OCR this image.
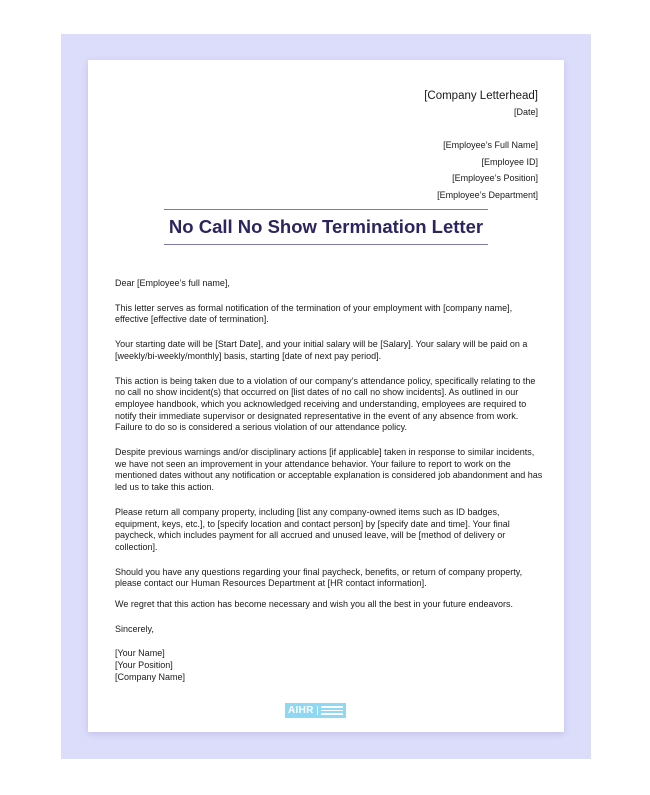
[Company Letterhead]
[Date]
[Employee’s Full Name]
[Employee ID]
[Employee’s Position]
[Employee’s Department]
No Call No Show Termination Letter

Dear [Employee’s full name],

This letter serves as formal notification of the termination of your employment with [company name], effective [effective date of termination].

Your starting date will be [Start Date], and your initial salary will be [Salary]. Your salary will be paid on a [weekly/bi-weekly/monthly] basis, starting [date of next pay period].

This action is being taken due to a violation of our company’s attendance policy, specifically relating to the no call no show incident(s) that occurred on [list dates of no call no show incidents]. As outlined in our employee handbook, which you acknowledged receiving and understanding, employees are required to notify their immediate supervisor or designated representative in the event of any absence from work. Failure to do so is considered a serious violation of our attendance policy.

Despite previous warnings and/or disciplinary actions [if applicable] taken in response to similar incidents, we have not seen an improvement in your attendance behavior. Your failure to report to work on the mentioned dates without any notification or acceptable explanation is considered job abandonment and has led us to take this action.

Please return all company property, including [list any company-owned items such as ID badges, equipment, keys, etc.], to [specify location and contact person] by [specify date and time]. Your final paycheck, which includes payment for all accrued and unused leave, will be [method of delivery or collection].

Should you have any questions regarding your final paycheck, benefits, or return of company property, please contact our Human Resources Department at [HR contact information].

We regret that this action has become necessary and wish you all the best in your future endeavors.

Sincerely,

[Your Name]

[Your Position]

[Company Name]

AIHR
